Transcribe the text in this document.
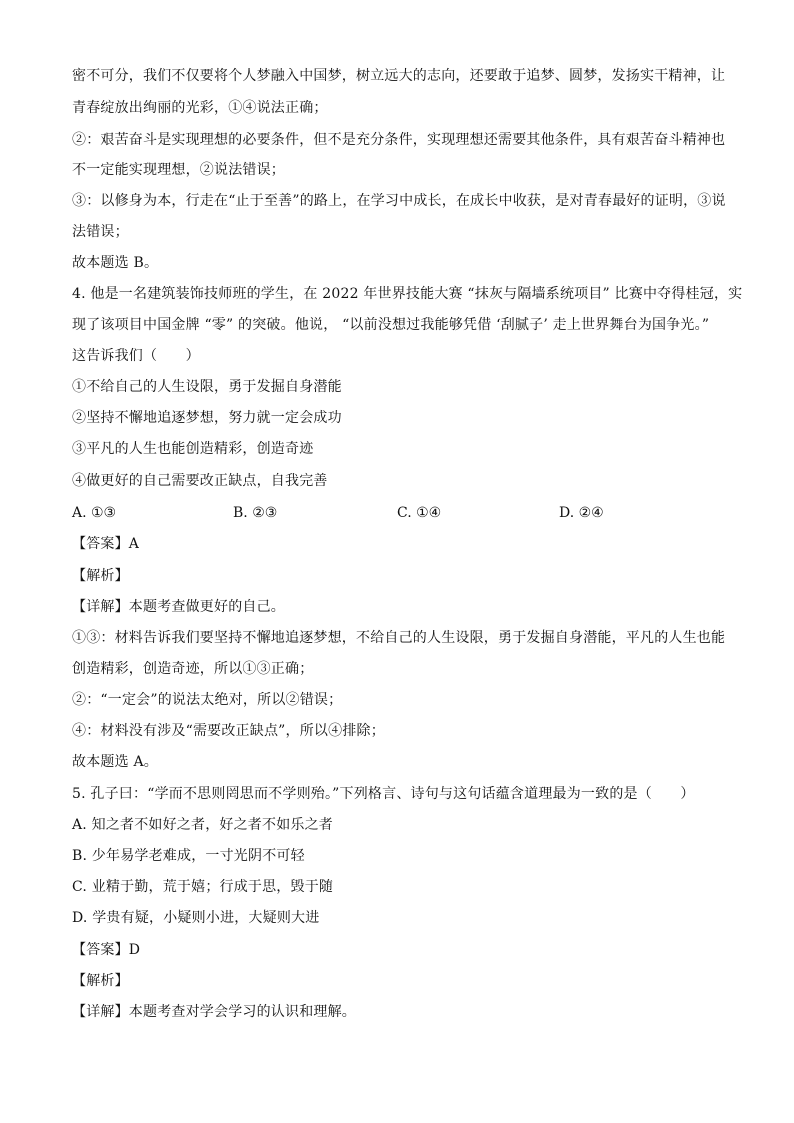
密不可分，我们不仅要将个人梦融入中国梦，树立远大的志向，还要敢于追梦、圆梦，发扬实干精神，让
青春绽放出绚丽的光彩，①④说法正确；
②：艰苦奋斗是实现理想的必要条件，但不是充分条件，实现理想还需要其他条件，具有艰苦奋斗精神也
不一定能实现理想，②说法错误；
③：以修身为本，行走在“止于至善”的路上，在学习中成长，在成长中收获，是对青春最好的证明，③说
法错误；
故本题选 B。
4. 他是一名建筑装饰技师班的学生，在 2022 年世界技能大赛 “抹灰与隔墙系统项目” 比赛中夺得桂冠，实
现了该项目中国金牌 “零” 的突破。他说， “以前没想过我能够凭借 ‘刮腻子’ 走上世界舞台为国争光。”
这告诉我们（　　）
①不给自己的人生设限，勇于发掘自身潜能
②坚持不懈地追逐梦想，努力就一定会成功
③平凡的人生也能创造精彩，创造奇迹
④做更好的自己需要改正缺点，自我完善
A. ①③	B. ②③	C. ①④	D. ②④
【答案】A
【解析】
【详解】本题考查做更好的自己。
①③：材料告诉我们要坚持不懈地追逐梦想，不给自己的人生设限，勇于发掘自身潜能，平凡的人生也能
创造精彩，创造奇迹，所以①③正确；
②：“一定会”的说法太绝对，所以②错误；
④：材料没有涉及“需要改正缺点”，所以④排除；
故本题选 A。
5. 孔子曰：“学而不思则罔思而不学则殆。”下列格言、诗句与这句话蕴含道理最为一致的是（　　）
A. 知之者不如好之者，好之者不如乐之者
B. 少年易学老难成，一寸光阴不可轻
C. 业精于勤，荒于嬉；行成于思，毁于随
D. 学贵有疑，小疑则小进，大疑则大进
【答案】D
【解析】
【详解】本题考查对学会学习的认识和理解。
